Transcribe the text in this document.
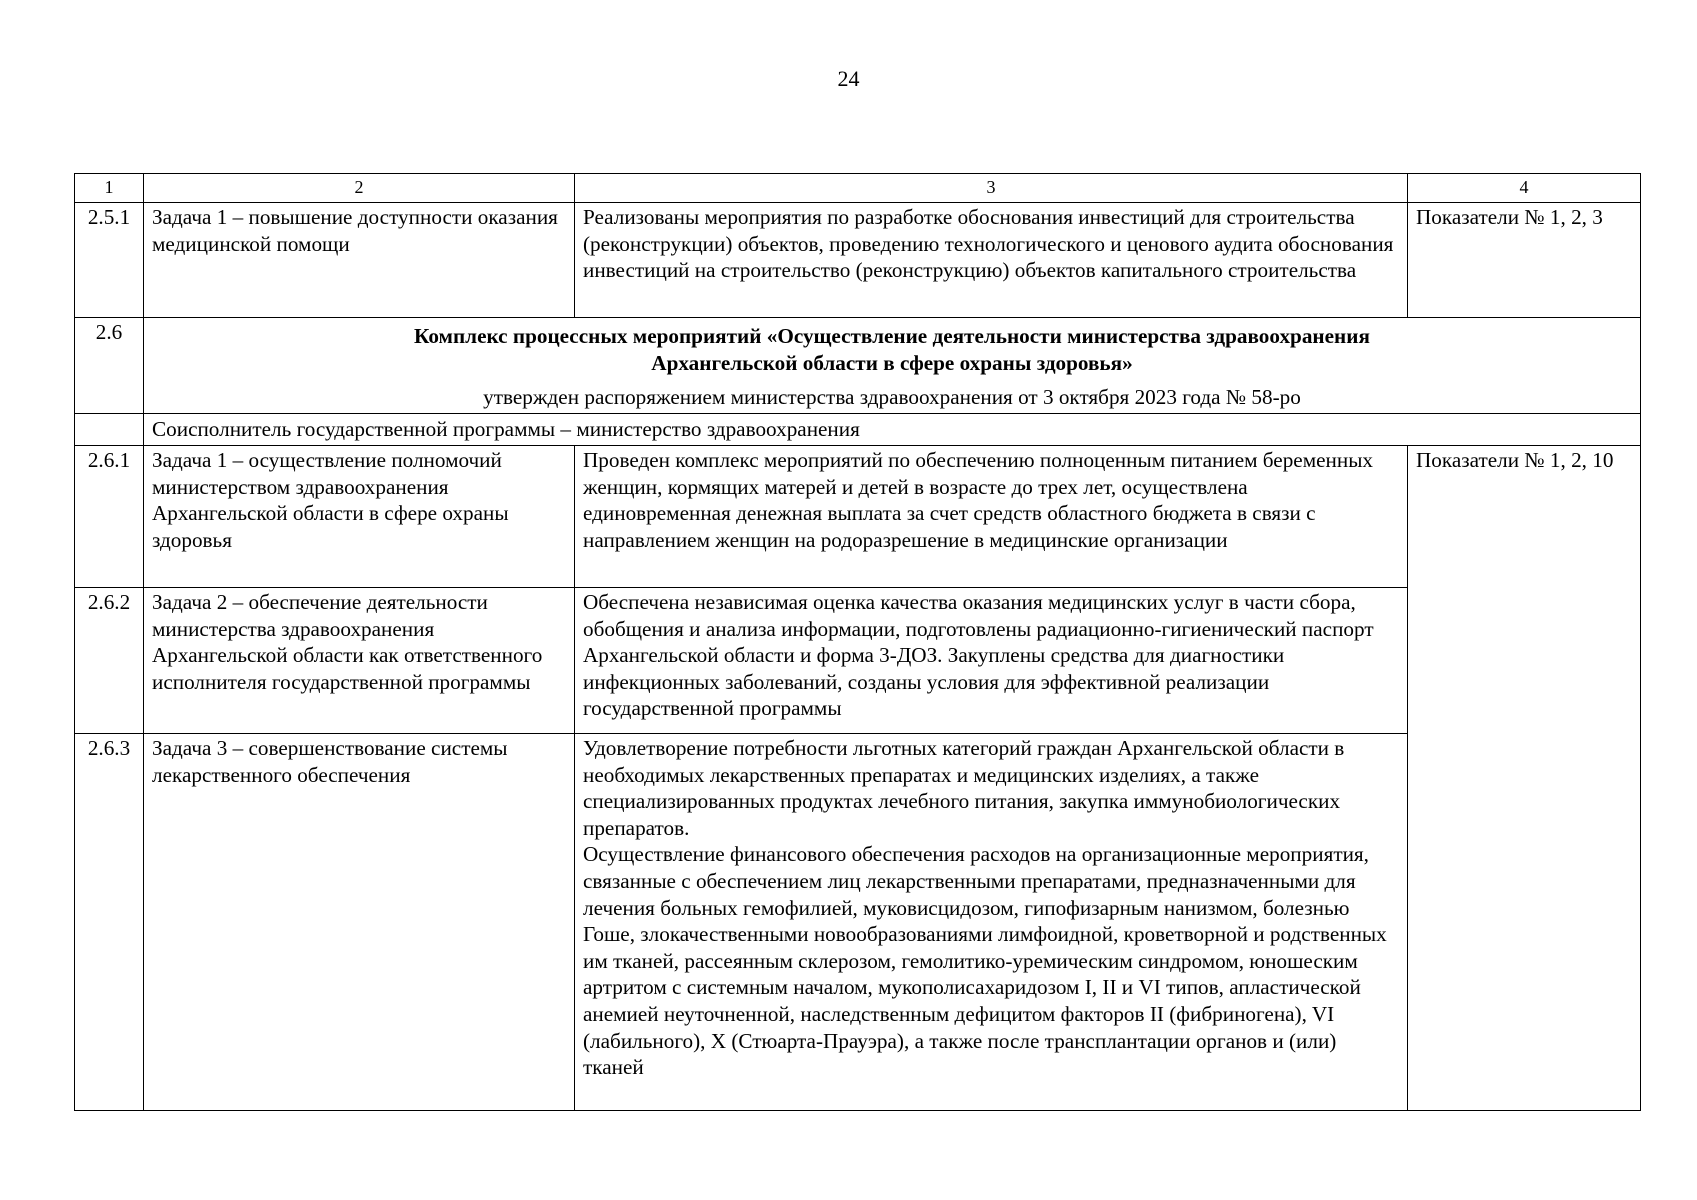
24
1	2	3	4
2.5.1	Задача 1 – повышение доступности оказания медицинской помощи	Реализованы мероприятия по разработке обоснования инвестиций для строительства (реконструкции) объектов, проведению технологического и ценового аудита обоснования инвестиций на строительство (реконструкцию) объектов капитального строительства	Показатели № 1, 2, 3
2.6	Комплекс процессных мероприятий «Осуществление деятельности министерства здравоохранения
Архангельской области в сфере охраны здоровья»
утвержден распоряжением министерства здравоохранения от 3 октября 2023 года № 58-ро		

	Соисполнитель государственной программы – министерство здравоохранения		
2.6.1	Задача 1 – осуществление полномочий министерством здравоохранения Архангельской области в сфере охраны здоровья	Проведен комплекс мероприятий по обеспечению полноценным питанием беременных женщин, кормящих матерей и детей в возрасте до трех лет, осуществлена единовременная денежная выплата за счет средств областного бюджета в связи с направлением женщин на родоразрешение в медицинские организации	Показатели № 1, 2, 10
2.6.2	Задача 2 – обеспечение деятельности министерства здравоохранения Архангельской области как ответственного исполнителя государственной программы	Обеспечена независимая оценка качества оказания медицинских услуг в части сбора, обобщения и анализа информации, подготовлены радиационно-гигиенический паспорт Архангельской области и форма 3-ДОЗ. Закуплены средства для диагностики инфекционных заболеваний, созданы условия для эффективной реализации государственной программы	
2.6.3	Задача 3 – совершенствование системы лекарственного обеспечения	Удовлетворение потребности льготных категорий граждан Архангельской области в необходимых лекарственных препаратах и медицинских изделиях, а также специализированных продуктах лечебного питания, закупка иммунобиологических препаратов.
Осуществление финансового обеспечения расходов на организационные мероприятия, связанные с обеспечением лиц лекарственными препаратами, предназначенными для лечения больных гемофилией, муковисцидозом, гипофизарным нанизмом, болезнью Гоше, злокачественными новообразованиями лимфоидной, кроветворной и родственных им тканей, рассеянным склерозом, гемолитико-уремическим синдромом, юношеским артритом с системным началом, мукополисахаридозом I, II и VI типов, апластической анемией неуточненной, наследственным дефицитом факторов II (фибриногена), VI (лабильного), X (Стюарта-Прауэра), а также после трансплантации органов и (или) тканей	
